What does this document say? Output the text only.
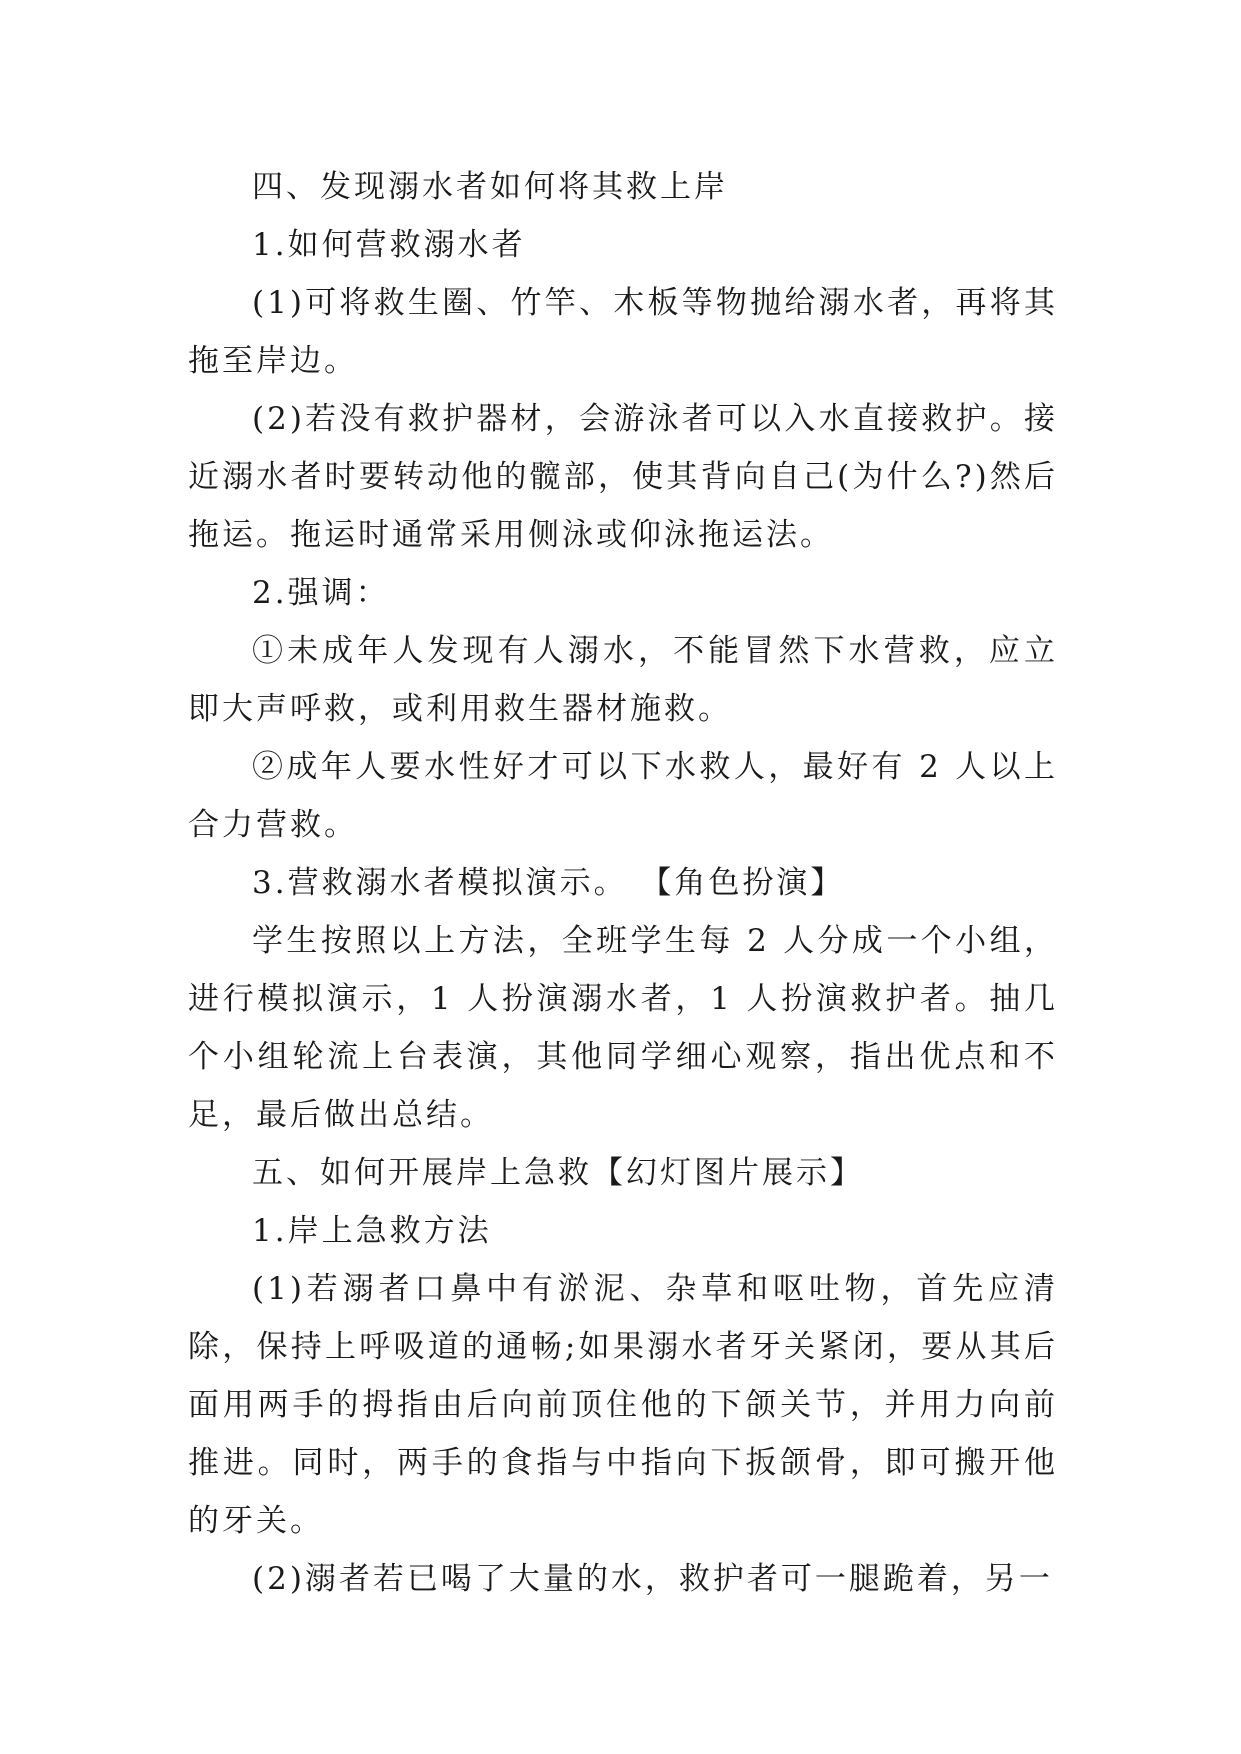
四、发现溺水者如何将其救上岸

1.如何营救溺水者

(1)可将救生圈、竹竿、木板等物抛给溺水者，再将其拖至岸边。

(2)若没有救护器材，会游泳者可以入水直接救护。接近溺水者时要转动他的髋部，使其背向自己(为什么?)然后拖运。拖运时通常采用侧泳或仰泳拖运法。

2.强调：

①未成年人发现有人溺水，不能冒然下水营救，应立即大声呼救，或利用救生器材施救。

②成年人要水性好才可以下水救人，最好有 2 人以上合力营救。

3.营救溺水者模拟演示。 【角色扮演】

学生按照以上方法，全班学生每 2 人分成一个小组，进行模拟演示，1 人扮演溺水者，1 人扮演救护者。抽几个小组轮流上台表演，其他同学细心观察，指出优点和不足，最后做出总结。

五、如何开展岸上急救【幻灯图片展示】

1.岸上急救方法

(1)若溺者口鼻中有淤泥、杂草和呕吐物，首先应清除，保持上呼吸道的通畅;如果溺水者牙关紧闭，要从其后面用两手的拇指由后向前顶住他的下颌关节，并用力向前推进。同时，两手的食指与中指向下扳颌骨，即可搬开他的牙关。

(2)溺者若已喝了大量的水，救护者可一腿跪着，另一
